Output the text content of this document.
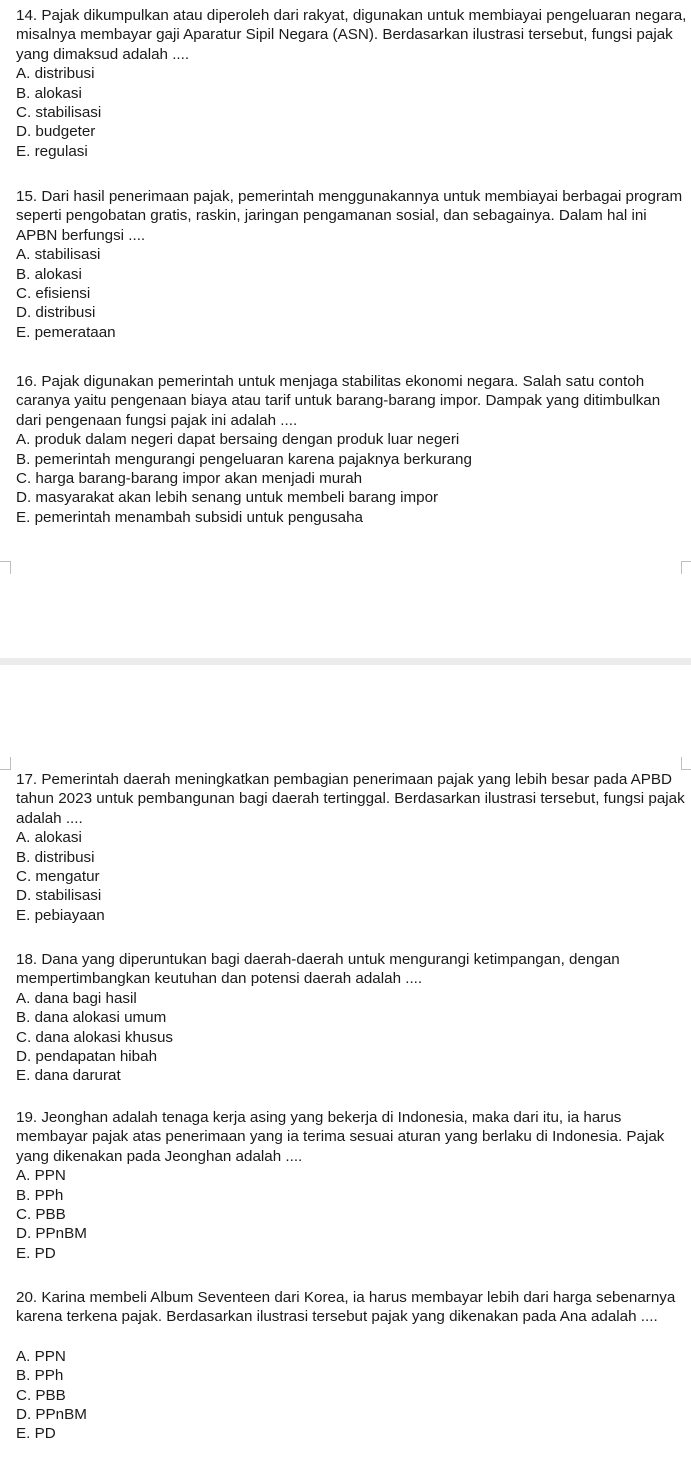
14. Pajak dikumpulkan atau diperoleh dari rakyat, digunakan untuk membiayai pengeluaran negara, misalnya membayar gaji Aparatur Sipil Negara (ASN). Berdasarkan ilustrasi tersebut, fungsi pajak yang dimaksud adalah ....

A. distribusi
B. alokasi
C. stabilisasi
D. budgeter
E. regulasi

15. Dari hasil penerimaan pajak, pemerintah menggunakannya untuk membiayai berbagai program seperti pengobatan gratis, raskin, jaringan pengamanan sosial, dan sebagainya. Dalam hal ini APBN berfungsi ....

A. stabilisasi
B. alokasi
C. efisiensi
D. distribusi
E. pemerataan

16. Pajak digunakan pemerintah untuk menjaga stabilitas ekonomi negara. Salah satu contoh caranya yaitu pengenaan biaya atau tarif untuk barang-barang impor. Dampak yang ditimbulkan dari pengenaan fungsi pajak ini adalah ....

A. produk dalam negeri dapat bersaing dengan produk luar negeri
B. pemerintah mengurangi pengeluaran karena pajaknya berkurang
C. harga barang-barang impor akan menjadi murah
D. masyarakat akan lebih senang untuk membeli barang impor
E. pemerintah menambah subsidi untuk pengusaha

17. Pemerintah daerah meningkatkan pembagian penerimaan pajak yang lebih besar pada APBD tahun 2023 untuk pembangunan bagi daerah tertinggal. Berdasarkan ilustrasi tersebut, fungsi pajak adalah ....

A. alokasi
B. distribusi
C. mengatur
D. stabilisasi
E. pebiayaan

18. Dana yang diperuntukan bagi daerah-daerah untuk mengurangi ketimpangan, dengan mempertimbangkan keutuhan dan potensi daerah adalah ....

A. dana bagi hasil
B. dana alokasi umum
C. dana alokasi khusus
D. pendapatan hibah
E. dana darurat

19. Jeonghan adalah tenaga kerja asing yang bekerja di Indonesia, maka dari itu, ia harus membayar pajak atas penerimaan yang ia terima sesuai aturan yang berlaku di Indonesia. Pajak yang dikenakan pada Jeonghan adalah ....

A. PPN
B. PPh
C. PBB
D. PPnBM
E. PD

20. Karina membeli Album Seventeen dari Korea, ia harus membayar lebih dari harga sebenarnya karena terkena pajak. Berdasarkan ilustrasi tersebut pajak yang dikenakan pada Ana adalah ....

A. PPN
B. PPh
C. PBB
D. PPnBM
E. PD
